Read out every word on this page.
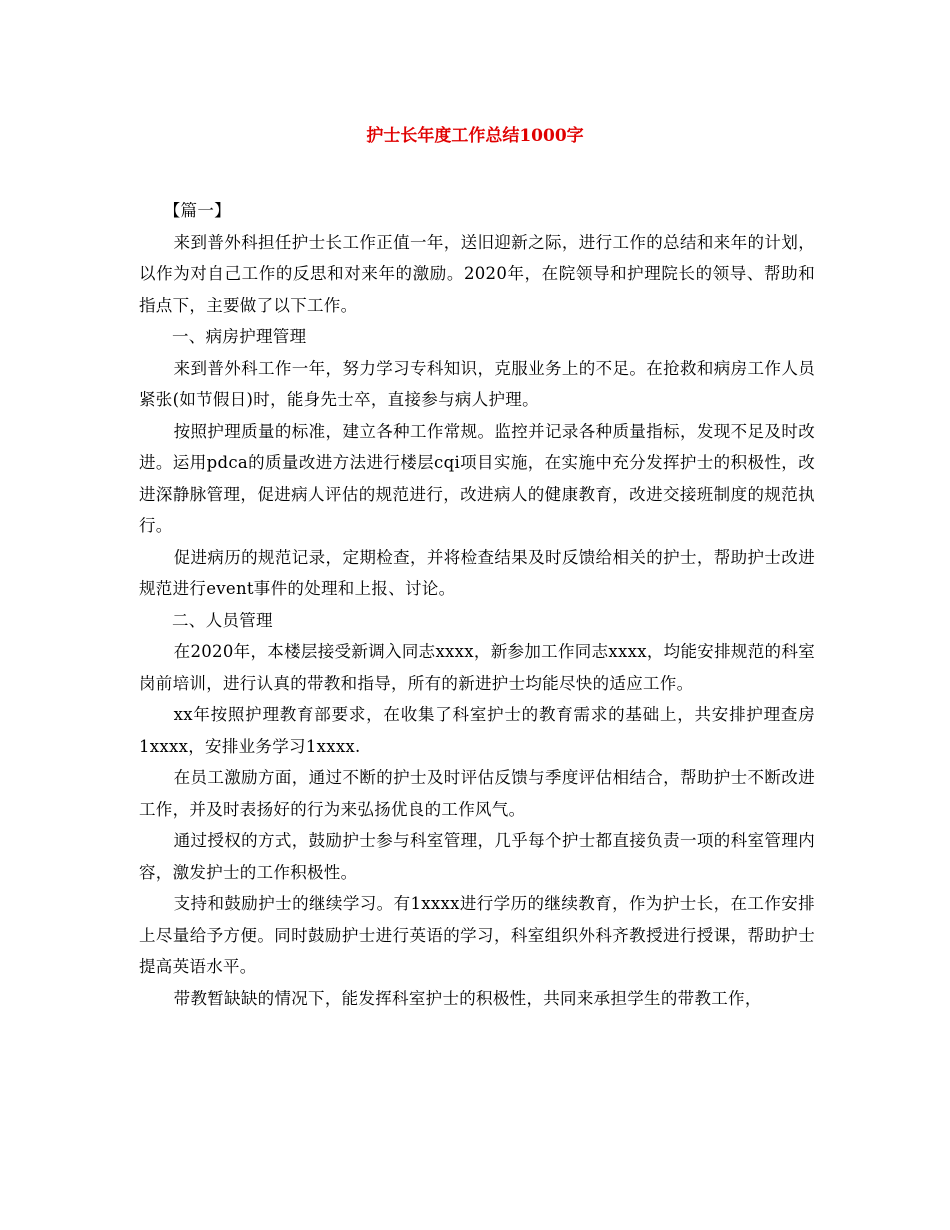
护士长年度工作总结1000字

【篇一】

来到普外科担任护士长工作正值一年，送旧迎新之际，进行工作的总结和来年的计划，以作为对自己工作的反思和对来年的激励。2020年，在院领导和护理院长的领导、帮助和指点下，主要做了以下工作。

一、病房护理管理

来到普外科工作一年，努力学习专科知识，克服业务上的不足。在抢救和病房工作人员紧张(如节假日)时，能身先士卒，直接参与病人护理。

按照护理质量的标准，建立各种工作常规。监控并记录各种质量指标，发现不足及时改进。运用pdca的质量改进方法进行楼层cqi项目实施，在实施中充分发挥护士的积极性，改进深静脉管理，促进病人评估的规范进行，改进病人的健康教育，改进交接班制度的规范执行。

促进病历的规范记录，定期检查，并将检查结果及时反馈给相关的护士，帮助护士改进规范进行event事件的处理和上报、讨论。

二、人员管理

在2020年，本楼层接受新调入同志xxxx，新参加工作同志xxxx，均能安排规范的科室岗前培训，进行认真的带教和指导，所有的新进护士均能尽快的适应工作。

xx年按照护理教育部要求，在收集了科室护士的教育需求的基础上，共安排护理查房1xxxx，安排业务学习1xxxx.

在员工激励方面，通过不断的护士及时评估反馈与季度评估相结合，帮助护士不断改进工作，并及时表扬好的行为来弘扬优良的工作风气。

通过授权的方式，鼓励护士参与科室管理，几乎每个护士都直接负责一项的科室管理内容，激发护士的工作积极性。

支持和鼓励护士的继续学习。有1xxxx进行学历的继续教育，作为护士长，在工作安排上尽量给予方便。同时鼓励护士进行英语的学习，科室组织外科齐教授进行授课，帮助护士提高英语水平。

带教暂缺缺的情况下，能发挥科室护士的积极性，共同来承担学生的带教工作，
